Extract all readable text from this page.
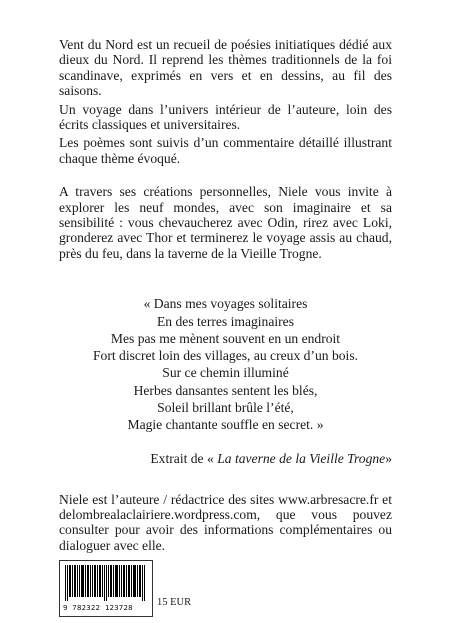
Vent du Nord est un recueil de poésies initiatiques dédié aux dieux du Nord. Il reprend les thèmes traditionnels de la foi scandinave, exprimés en vers et en dessins, au fil des saisons.

Un voyage dans l’univers intérieur de l’auteure, loin des écrits classiques et universitaires.

Les poèmes sont suivis d’un commentaire détaillé illustrant chaque thème évoqué.

A travers ses créations personnelles, Niele vous invite à explorer les neuf mondes, avec son imaginaire et sa sensibilité : vous chevaucherez avec Odin, rirez avec Loki, gronderez avec Thor et terminerez le voyage assis au chaud, près du feu, dans la taverne de la Vieille Trogne.

« Dans mes voyages solitaires
En des terres imaginaires
Mes pas me mènent souvent en un endroit
Fort discret loin des villages, au creux d’un bois.
Sur ce chemin illuminé
Herbes dansantes sentent les blés,
Soleil brillant brûle l’été,
Magie chantante souffle en secret. »

Extrait de « La taverne de la Vieille Trogne»

Niele est l’auteure / rédactrice des sites www.arbresacre.fr et delombrealaclairiere.wordpress.com, que vous pouvez consulter pour avoir des informations complémentaires ou dialoguer avec elle.

9 782322 123728	15 EUR
